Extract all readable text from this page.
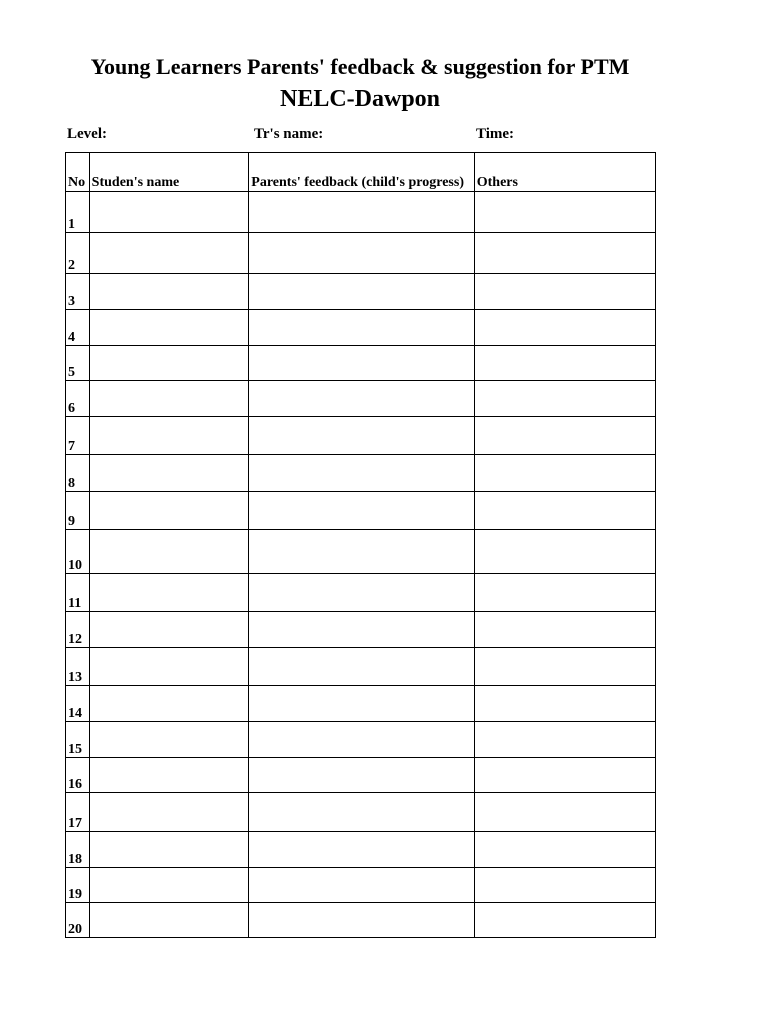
Young Learners Parents' feedback & suggestion for PTM
NELC-Dawpon
Level:	Tr's name:	Time:
No	Studen's name	Parents' feedback (child's progress)	Others
1			
2			
3			
4			
5			
6			
7			
8			
9			
10			
11			
12			
13			
14			
15			
16			
17			
18			
19			
20			
